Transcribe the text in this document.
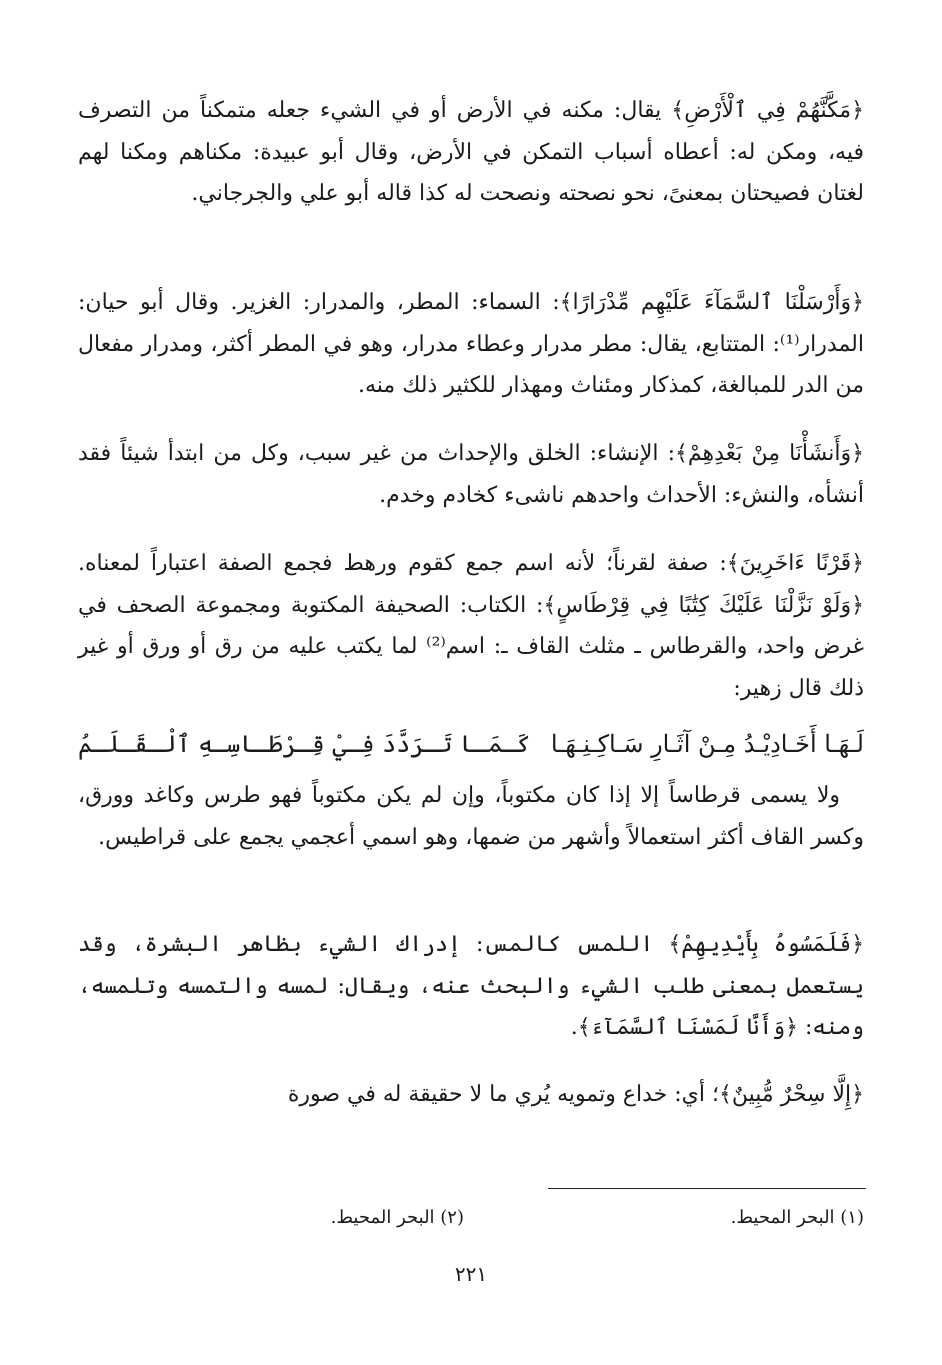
﴿مَكَّنَّهُمْ فِي ٱلْأَرْضِ﴾ يقال: مكنه في الأرض أو في الشيء جعله متمكناً من التصرف فيه، ومكن له: أعطاه أسباب التمكن في الأرض، وقال أبو عبيدة: مكناهم ومكنا لهم لغتان فصيحتان بمعنىً، نحو نصحته ونصحت له كذا قاله أبو علي والجرجاني.

﴿وَأَرْسَلْنَا ٱلسَّمَآءَ عَلَيْهِم مِّدْرَارًا﴾: السماء: المطر، والمدرار: الغزير. وقال أبو حيان: المدرار⁽¹⁾: المتتابع، يقال: مطر مدرار وعطاء مدرار، وهو في المطر أكثر، ومدرار مفعال من الدر للمبالغة، كمذكار ومئناث ومهذار للكثير ذلك منه.

﴿وَأَنشَأْنَا مِنْ بَعْدِهِمْ﴾: الإنشاء: الخلق والإحداث من غير سبب، وكل من ابتدأ شيئاً فقد أنشأه، والنشء: الأحداث واحدهم ناشىء كخادم وخدم.

﴿قَرْنًا ءَاخَرِينَ﴾: صفة لقرناً؛ لأنه اسم جمع كقوم ورهط فجمع الصفة اعتباراً لمعناه. ﴿وَلَوْ نَزَّلْنَا عَلَيْكَ كِتَٰبًا فِي قِرْطَاسٍ﴾: الكتاب: الصحيفة المكتوبة ومجموعة الصحف في غرض واحد، والقرطاس ـ مثلث القاف ـ: اسم⁽²⁾ لما يكتب عليه من رق أو ورق أو غير ذلك قال زهير:

لَـهَـا أَخَـادِيْـدُ مِـنْ آثَـارِ سَـاكِـنِـهَـا
كَـمَـا تَـرَدَّدَ فِـيْ قِـرْطَـاسِـهِ ٱلْـقَـلَـمُ

ولا يسمى قرطاساً إلا إذا كان مكتوباً، وإن لم يكن مكتوباً فهو طرس وكاغد وورق، وكسر القاف أكثر استعمالاً وأشهر من ضمها، وهو اسمي أعجمي يجمع على قراطيس.

﴿فَلَمَسُوهُ بِأَيْدِيهِمْ﴾ اللمس كالمس: إدراك الشيء بظاهر البشرة، وقد يستعمل بمعنى طلب الشيء والبحث عنه، ويقال: لمسه والتمسه وتلمسه، ومنه: ﴿وَأَنَّا لَمَسْنَا ٱلسَّمَآءَ﴾.

﴿إِلَّا سِحْرٌ مُّبِينٌ﴾؛ أي: خداع وتمويه يُري ما لا حقيقة له في صورة

(١) البحر المحيط.
(٢) البحر المحيط.
٢٢١
